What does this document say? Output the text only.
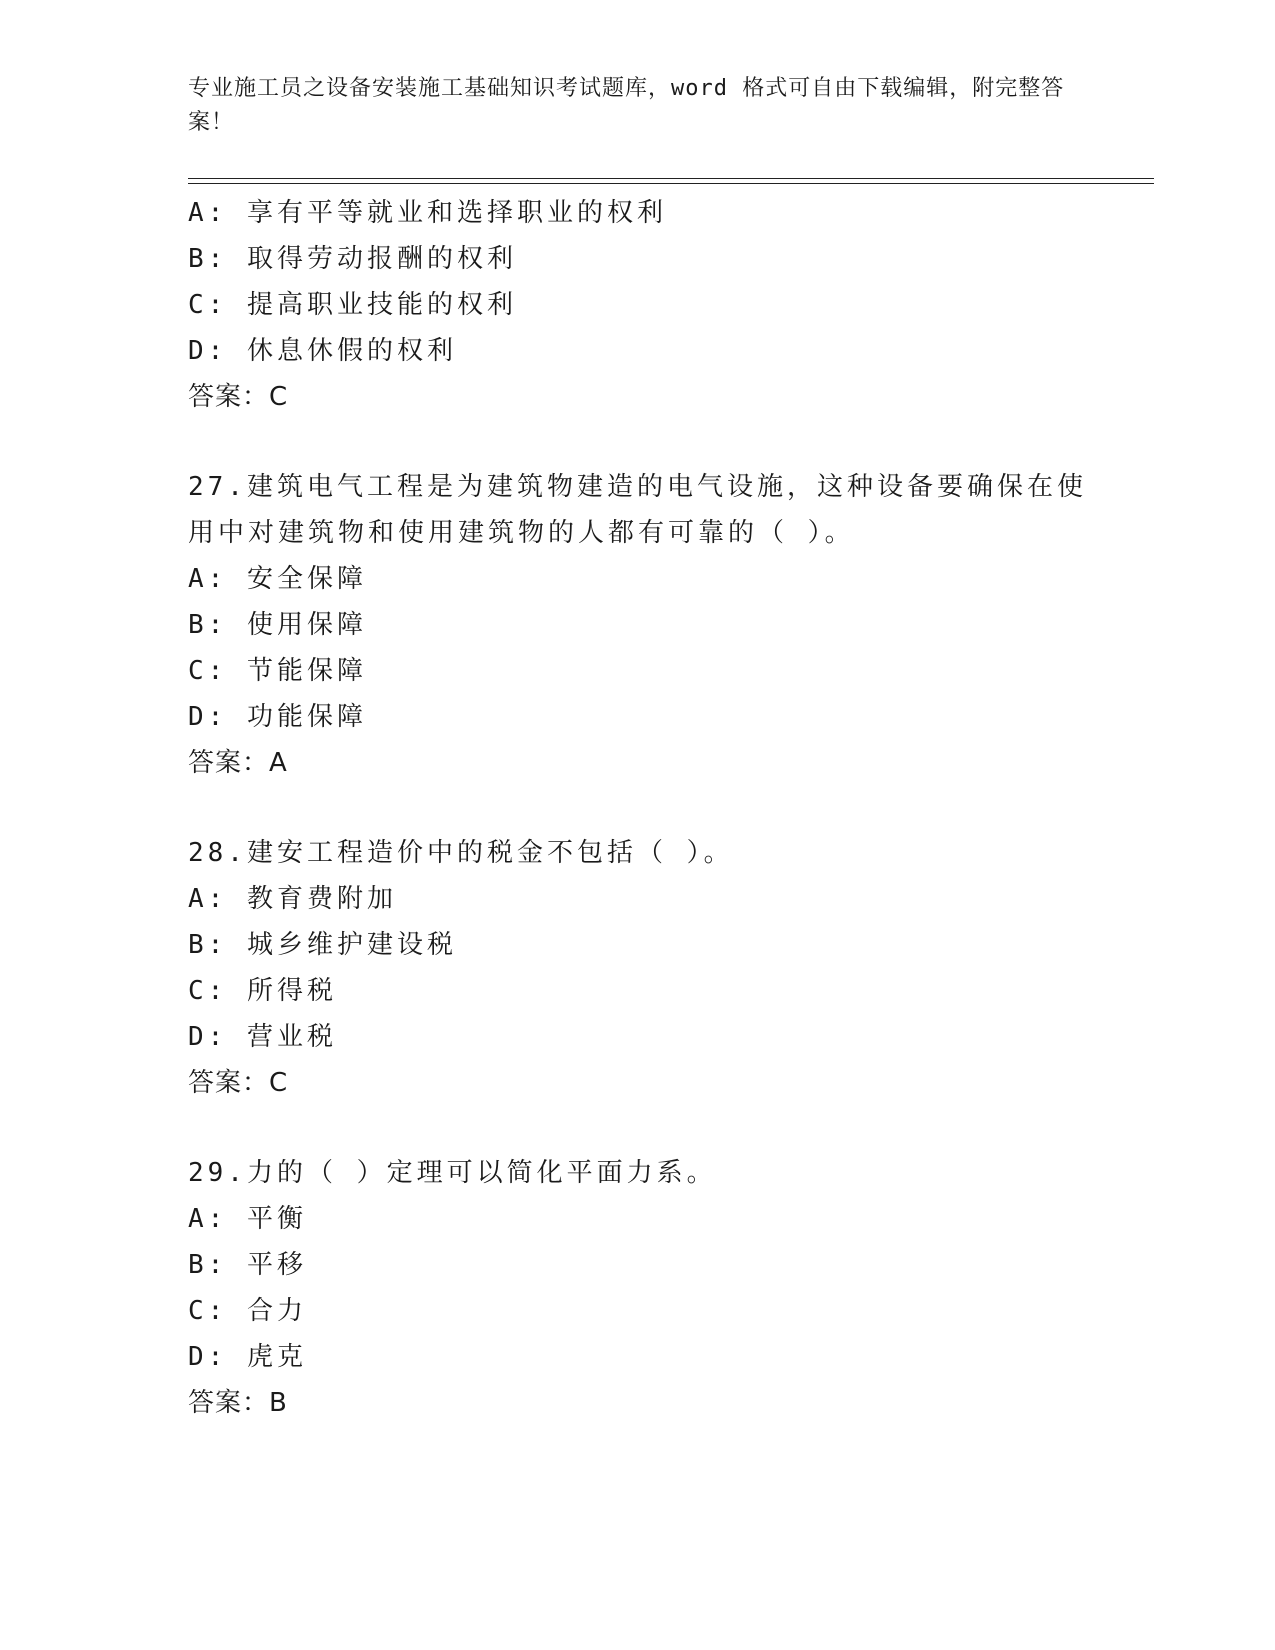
专业施工员之设备安装施工基础知识考试题库，word 格式可自由下载编辑，附完整答案！
A: 享有平等就业和选择职业的权利
B: 取得劳动报酬的权利
C: 提高职业技能的权利
D: 休息休假的权利
答案：C
27.建筑电气工程是为建筑物建造的电气设施，这种设备要确保在使用中对建筑物和使用建筑物的人都有可靠的（ ）。
A: 安全保障
B: 使用保障
C: 节能保障
D: 功能保障
答案：A
28.建安工程造价中的税金不包括（ ）。
A: 教育费附加
B: 城乡维护建设税
C: 所得税
D: 营业税
答案：C
29.力的（ ）定理可以简化平面力系。
A: 平衡
B: 平移
C: 合力
D: 虎克
答案：B
